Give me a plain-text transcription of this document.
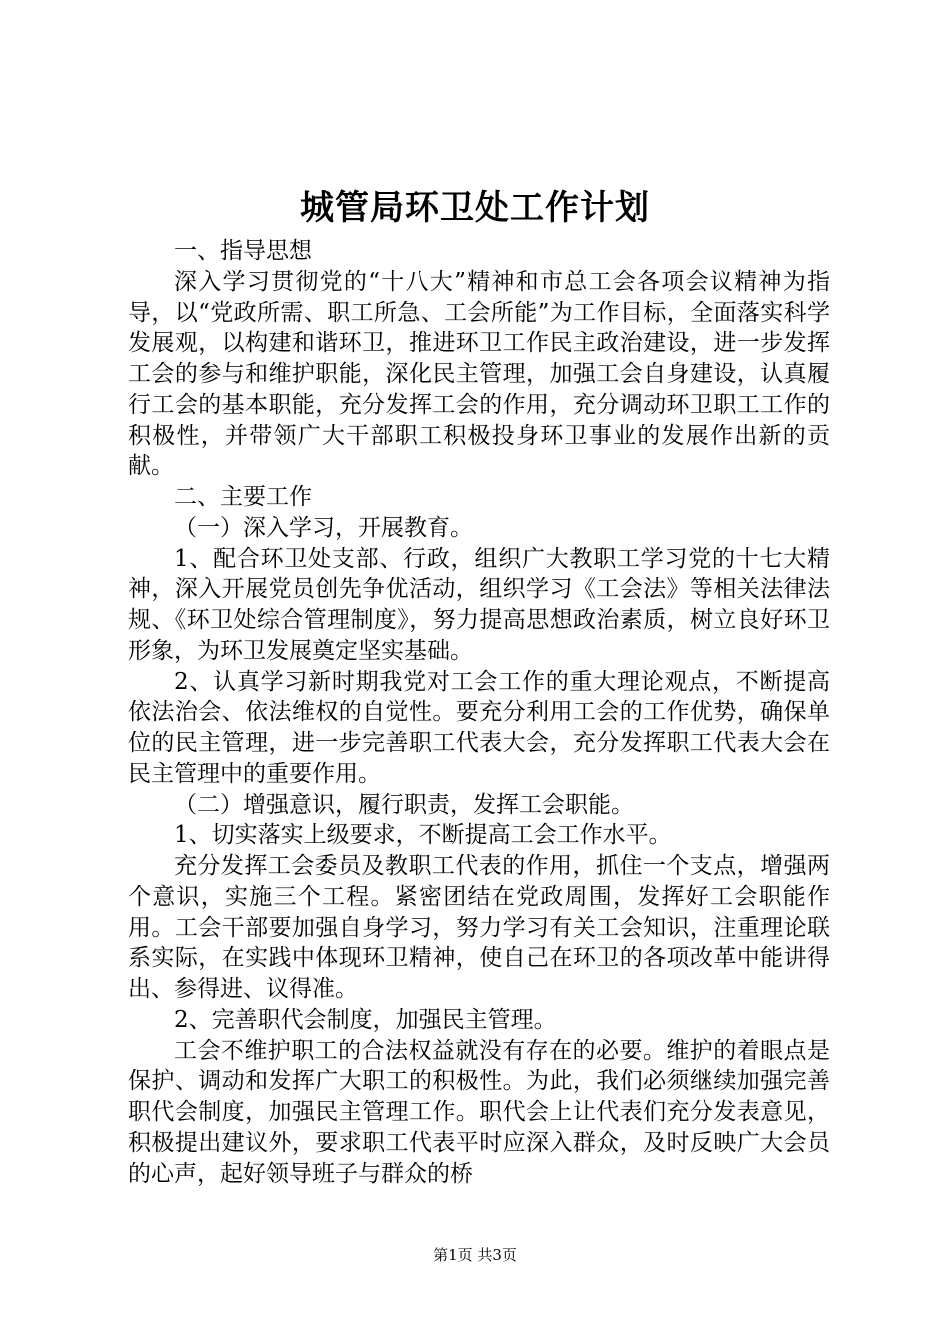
城管局环卫处工作计划

一、指导思想

深入学习贯彻党的“十八大”精神和市总工会各项会议精神为指导，以“党政所需、职工所急、工会所能”为工作目标，全面落实科学发展观，以构建和谐环卫，推进环卫工作民主政治建设，进一步发挥工会的参与和维护职能，深化民主管理，加强工会自身建设，认真履行工会的基本职能，充分发挥工会的作用，充分调动环卫职工工作的积极性，并带领广大干部职工积极投身环卫事业的发展作出新的贡献。

二、主要工作

（一）深入学习，开展教育。

1、配合环卫处支部、行政，组织广大教职工学习党的十七大精神，深入开展党员创先争优活动，组织学习《工会法》等相关法律法规、《环卫处综合管理制度》，努力提高思想政治素质，树立良好环卫形象，为环卫发展奠定坚实基础。

2、认真学习新时期我党对工会工作的重大理论观点，不断提高依法治会、依法维权的自觉性。要充分利用工会的工作优势，确保单位的民主管理，进一步完善职工代表大会，充分发挥职工代表大会在民主管理中的重要作用。

（二）增强意识，履行职责，发挥工会职能。

1、切实落实上级要求，不断提高工会工作水平。

充分发挥工会委员及教职工代表的作用，抓住一个支点，增强两个意识，实施三个工程。紧密团结在党政周围，发挥好工会职能作用。工会干部要加强自身学习，努力学习有关工会知识，注重理论联系实际，在实践中体现环卫精神，使自己在环卫的各项改革中能讲得出、参得进、议得准。

2、完善职代会制度，加强民主管理。

工会不维护职工的合法权益就没有存在的必要。维护的着眼点是保护、调动和发挥广大职工的积极性。为此，我们必须继续加强完善职代会制度，加强民主管理工作。职代会上让代表们充分发表意见，积极提出建议外，要求职工代表平时应深入群众，及时反映广大会员的心声，起好领导班子与群众的桥

第1页 共3页
